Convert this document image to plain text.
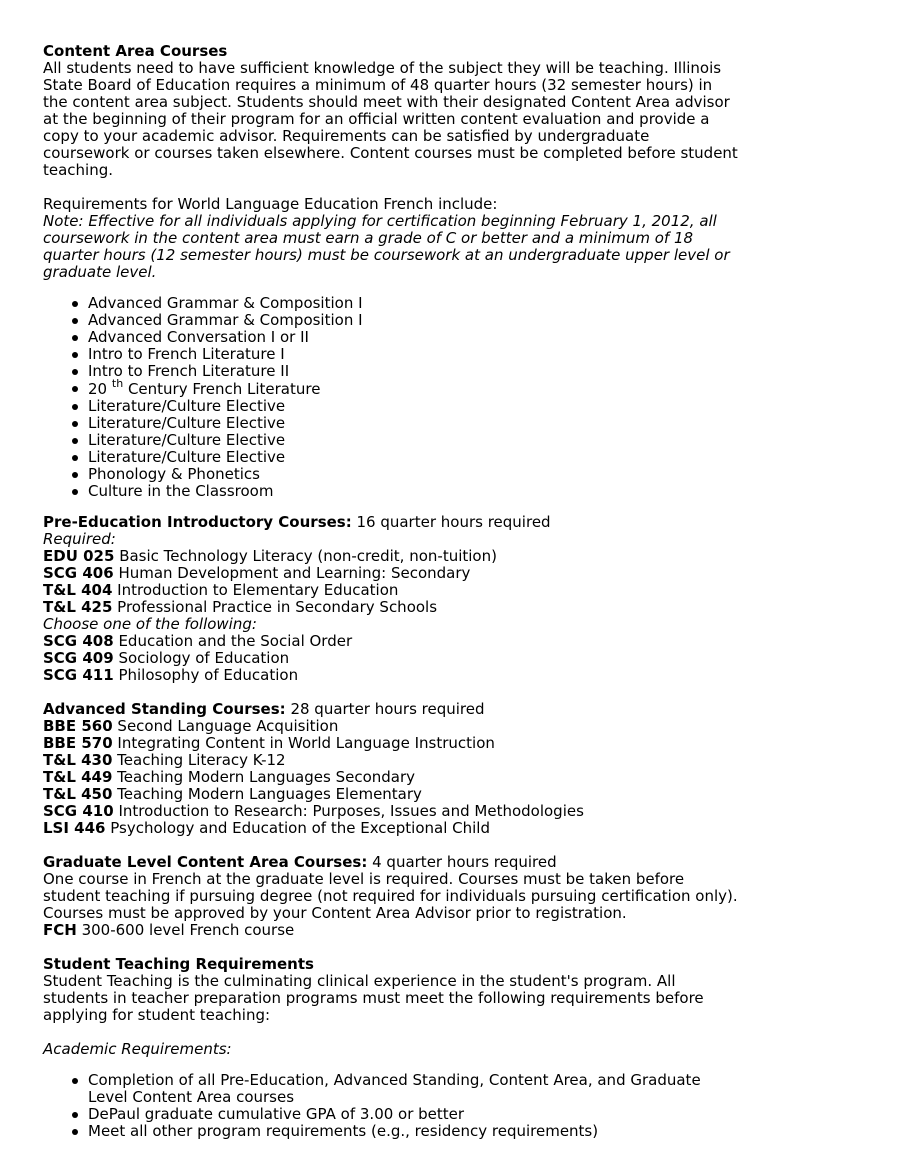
Content Area Courses
All students need to have sufficient knowledge of the subject they will be teaching. Illinois State Board of Education requires a minimum of 48 quarter hours (32 semester hours) in the content area subject. Students should meet with their designated Content Area advisor at the beginning of their program for an official written content evaluation and provide a copy to your academic advisor. Requirements can be satisfied by undergraduate coursework or courses taken elsewhere. Content courses must be completed before student teaching.
Requirements for World Language Education French include:
Note: Effective for all individuals applying for certification beginning February 1, 2012, all coursework in the content area must earn a grade of C or better and a minimum of 18 quarter hours (12 semester hours) must be coursework at an undergraduate upper level or graduate level.
Advanced Grammar & Composition I
Advanced Grammar & Composition I
Advanced Conversation I or II
Intro to French Literature I
Intro to French Literature II
20 $^{th}$ Century French Literature
Literature/Culture Elective
Literature/Culture Elective
Literature/Culture Elective
Literature/Culture Elective
Phonology & Phonetics
Culture in the Classroom
Pre-Education Introductory Courses: 16 quarter hours required
Required:
EDU 025 Basic Technology Literacy (non-credit, non-tuition)
SCG 406 Human Development and Learning: Secondary
T&L 404 Introduction to Elementary Education
T&L 425 Professional Practice in Secondary Schools
Choose one of the following:
SCG 408 Education and the Social Order
SCG 409 Sociology of Education
SCG 411 Philosophy of Education
Advanced Standing Courses: 28 quarter hours required
BBE 560 Second Language Acquisition
BBE 570 Integrating Content in World Language Instruction
T&L 430 Teaching Literacy K-12
T&L 449 Teaching Modern Languages Secondary
T&L 450 Teaching Modern Languages Elementary
SCG 410 Introduction to Research: Purposes, Issues and Methodologies
LSI 446 Psychology and Education of the Exceptional Child
Graduate Level Content Area Courses: 4 quarter hours required
One course in French at the graduate level is required. Courses must be taken before student teaching if pursuing degree (not required for individuals pursuing certification only). Courses must be approved by your Content Area Advisor prior to registration.
FCH 300-600 level French course
Student Teaching Requirements
Student Teaching is the culminating clinical experience in the student's program. All students in teacher preparation programs must meet the following requirements before applying for student teaching:
Academic Requirements:
Completion of all Pre-Education, Advanced Standing, Content Area, and Graduate Level Content Area courses
DePaul graduate cumulative GPA of 3.00 or better
Meet all other program requirements (e.g., residency requirements)
